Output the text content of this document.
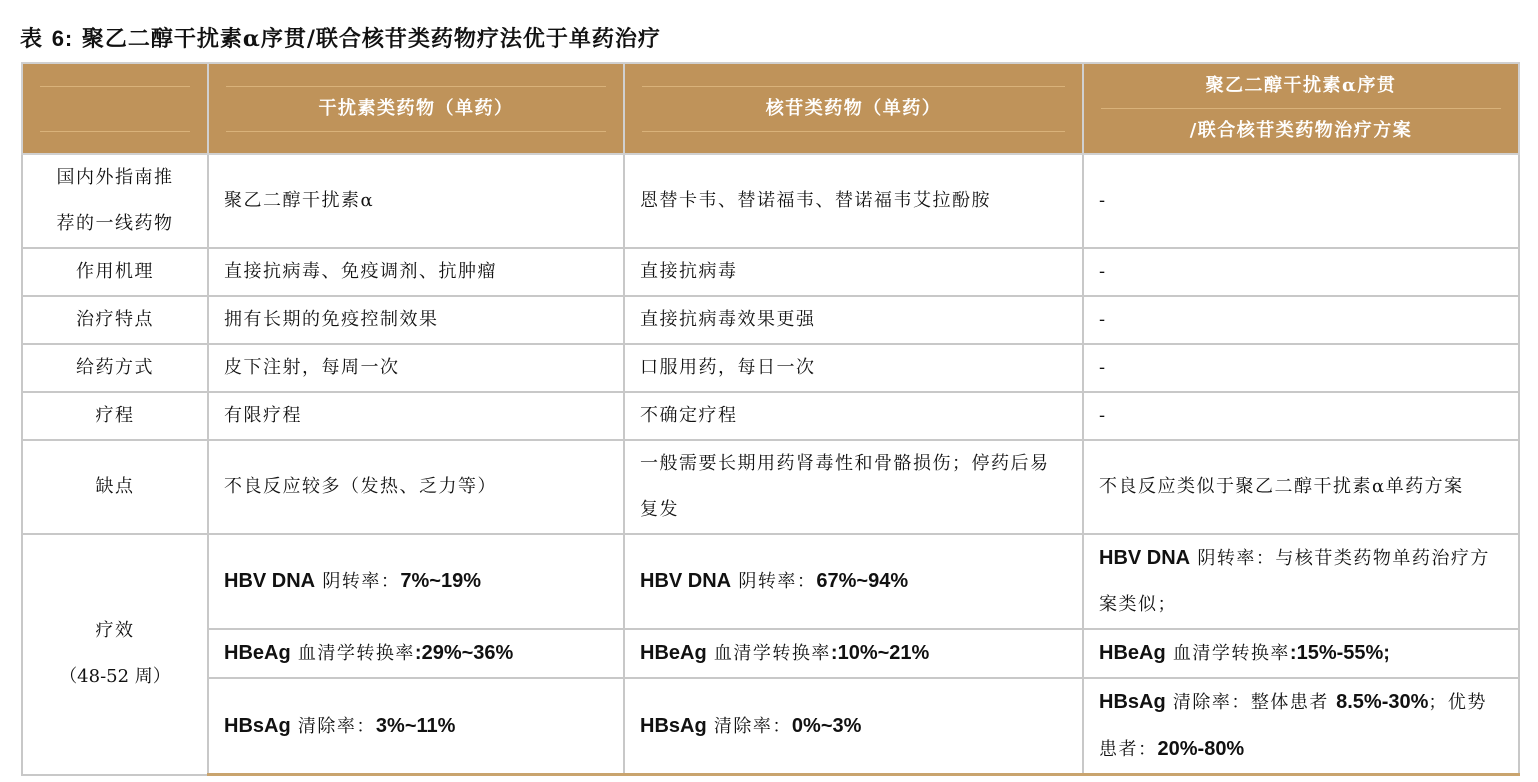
表 6: 聚乙二醇干扰素α序贯/联合核苷类药物疗法优于单药治疗

	干扰素类药物（单药）	核苷类药物（单药）	聚乙二醇干扰素α序贯
/联合核苷类药物治疗方案

国内外指南推
荐的一线药物	聚乙二醇干扰素α	恩替卡韦、替诺福韦、替诺福韦艾拉酚胺	-
作用机理	直接抗病毒、免疫调剂、抗肿瘤	直接抗病毒	-
治疗特点	拥有长期的免疫控制效果	直接抗病毒效果更强	-
给药方式	皮下注射，每周一次	口服用药，每日一次	-
疗程	有限疗程	不确定疗程	-
缺点	不良反应较多（发热、乏力等）	一般需要长期用药肾毒性和骨骼损伤；停药后易复发	不良反应类似于聚乙二醇干扰素α单药方案
疗效
（48-52 周）	HBV DNA 阴转率：7%~19%	HBV DNA 阴转率：67%~94%	HBV DNA 阴转率：与核苷类药物单药治疗方案类似；
	HBeAg 血清学转换率:29%~36%	HBeAg 血清学转换率:10%~21%	HBeAg 血清学转换率:15%-55%;
	HBsAg 清除率：3%~11%	HBsAg 清除率：0%~3%	HBsAg 清除率：整体患者 8.5%-30%；优势患者：20%-80%
